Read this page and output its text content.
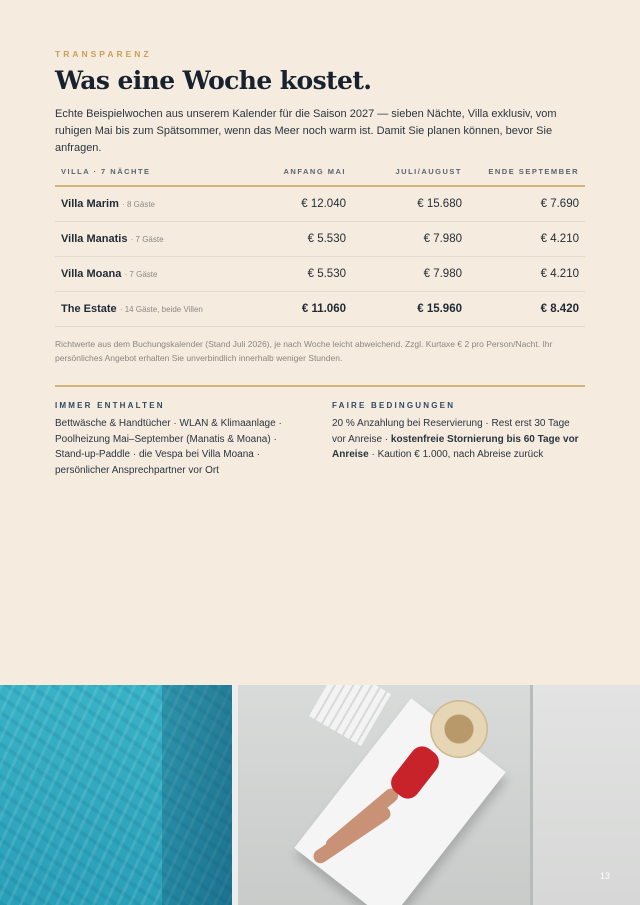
TRANSPARENZ
Was eine Woche kostet.

Echte Beispielwochen aus unserem Kalender für die Saison 2027 — sieben Nächte, Villa exklusiv, vom ruhigen Mai bis zum Spätsommer, wenn das Meer noch warm ist. Damit Sie planen können, bevor Sie anfragen.

VILLA · 7 NÄCHTE	ANFANG MAI	JULI/AUGUST	ENDE SEPTEMBER
Villa Marim · 8 Gäste	€ 12.040	€ 15.680	€ 7.690
Villa Manatis · 7 Gäste	€ 5.530	€ 7.980	€ 4.210
Villa Moana · 7 Gäste	€ 5.530	€ 7.980	€ 4.210
The Estate · 14 Gäste, beide Villen	€ 11.060	€ 15.960	€ 8.420

Richtwerte aus dem Buchungskalender (Stand Juli 2026), je nach Woche leicht abweichend. Zzgl. Kurtaxe € 2 pro Person/Nacht. Ihr persönliches Angebot erhalten Sie unverbindlich innerhalb weniger Stunden.

IMMER ENTHALTEN

Bettwäsche & Handtücher · WLAN & Klimaanlage · Poolheizung Mai–September (Manatis & Moana) · Stand-up-Paddle · die Vespa bei Villa Moana · persönlicher Ansprechpartner vor Ort

FAIRE BEDINGUNGEN

20 % Anzahlung bei Reservierung · Rest erst 30 Tage vor Anreise · kostenfreie Stornierung bis 60 Tage vor Anreise · Kaution € 1.000, nach Abreise zurück

13
